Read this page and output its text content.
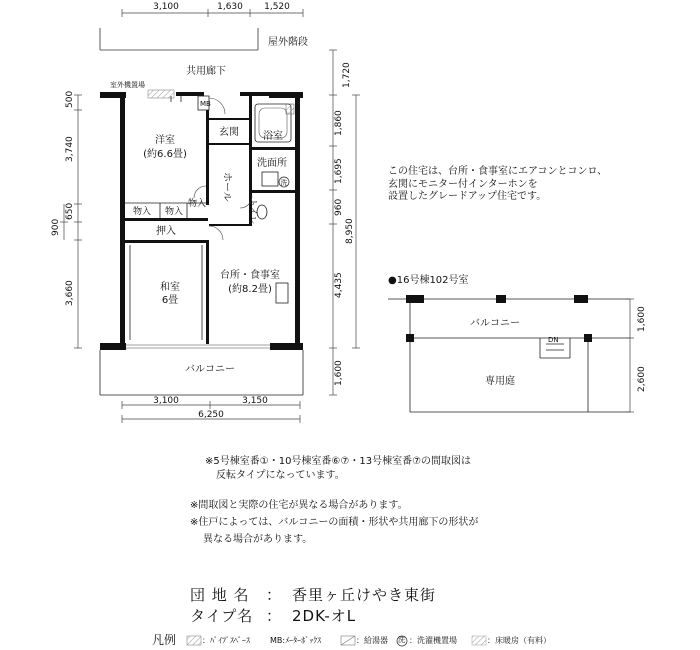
3,100	1,630 1,520
屋外階段
共用廊下
室外機置場
500
3,740
900
650
3,660
1,720
1,860
1,695
960
4,435
1,600
8,950
MB
洋室
(約6.6畳)
玄関 浴室
洗面所
ホール
トイレ
洗
物入 物入
物入
押入
和室
6畳
台所・食事室
(約8.2畳)
バルコニー
3,100	3,150
6,250
●16号棟102号室
バルコニー
DN
専用庭
1,600
2,600
この住宅は、台所・食事室にエアコンとコンロ、
玄関にモニター付インターホンを
設置したグレードアップ住宅です。
※5号棟室番①・10号棟室番⑥⑦・13号棟室番⑦の間取図は
反転タイプになっています。
※間取図と実際の住宅が異なる場合があります。
※住戸によっては、バルコニーの面積・形状や共用廊下の形状が
異なる場合があります。
団 地 名 ： 香里ヶ丘けやき東街
タイプ名 ： 2DK-オL
凡例	：ﾊﾟｲﾌﾟｽﾍﾟｰｽ	MB:ﾒｰﾀｰﾎﾞｯｸｽ	：給湯器 洗 ：洗濯機置場	：床暖房（有料）
